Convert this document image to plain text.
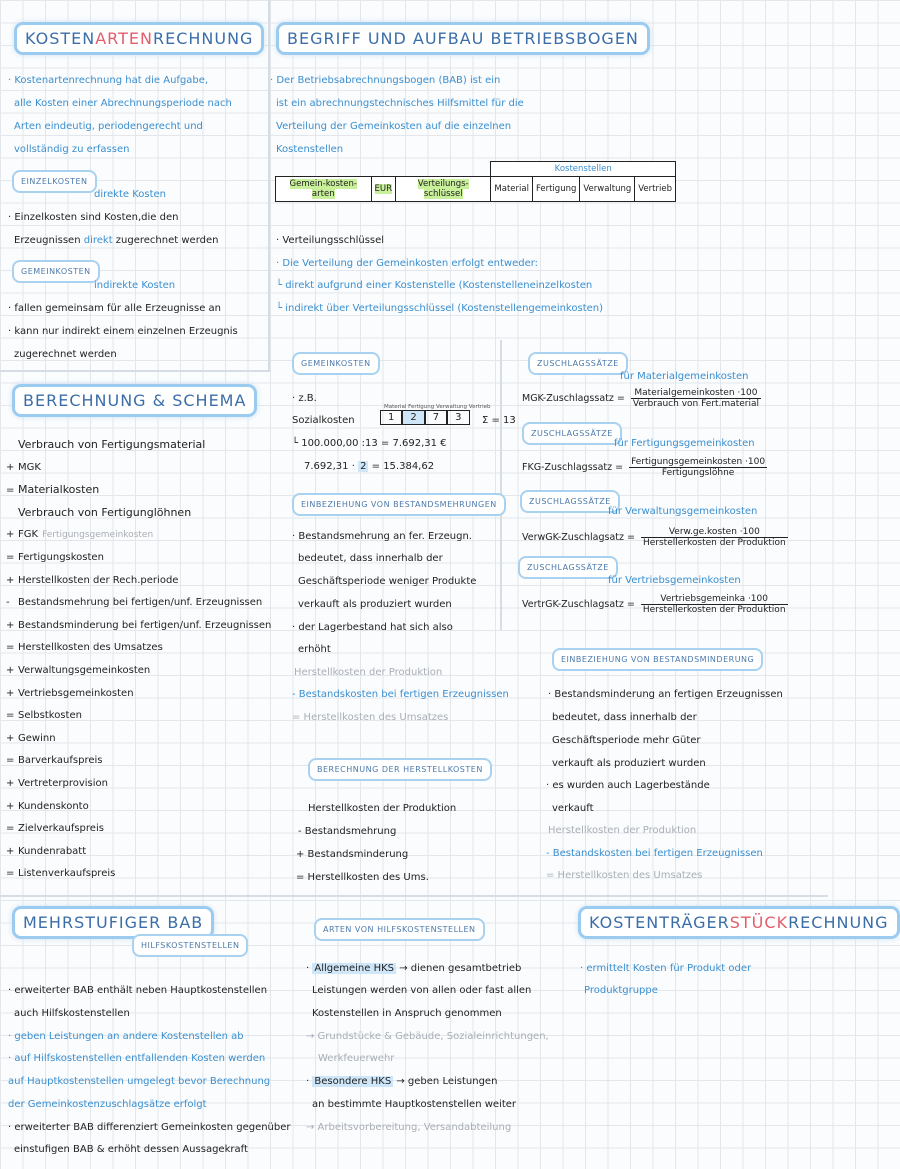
KOSTENARTENRECHNUNG
· Kostenartenrechnung hat die Aufgabe,
alle Kosten einer Abrechnungsperiode nach
Arten eindeutig, periodengerecht und
vollständig zu erfassen
EINZELKOSTEN
direkte Kosten
· Einzelkosten sind Kosten,die den
Erzeugnissen direkt zugerechnet werden
GEMEINKOSTEN
indirekte Kosten
· fallen gemeinsam für alle Erzeugnisse an
· kann nur indirekt einem einzelnen Erzeugnis
zugerechnet werden
BEGRIFF UND AUFBAU BETRIEBSBOGEN
· Der Betriebsabrechnungsbogen (BAB) ist ein
ist ein abrechnungstechnisches Hilfsmittel für die
Verteilung der Gemeinkosten auf die einzelnen
Kostenstellen
			Kostenstellen			
Gemein-kosten-arten	EUR	Verteilungs-schlüssel	Material	Fertigung	Verwaltung	Vertrieb
· Verteilungsschlüssel
· Die Verteilung der Gemeinkosten erfolgt entweder:
└ direkt aufgrund einer Kostenstelle (Kostenstelleneinzelkosten
└ indirekt über Verteilungsschlüssel (Kostenstellengemeinkosten)
BERECHNUNG & SCHEMA
Verbrauch von Fertigungsmaterial
+ MGK
= Materialkosten
Verbrauch von Fertigunglöhnen
+ FGK Fertigungsgemeinkosten
= Fertigungskosten
+ Herstellkosten der Rech.periode
- Bestandsmehrung bei fertigen/unf. Erzeugnissen
+ Bestandsminderung bei fertigen/unf. Erzeugnissen
= Herstellkosten des Umsatzes
+ Verwaltungsgemeinkosten
+ Vertriebsgemeinkosten
= Selbstkosten
+ Gewinn
= Barverkaufspreis
+ Vertreterprovision
+ Kundenskonto
= Zielverkaufspreis
+ Kundenrabatt
= Listenverkaufspreis
GEMEINKOSTEN
· z.B.
Material Fertigung Verwaltung Vertrieb
Sozialkosten	1 2 7 3	Σ = 13
└ 100.000,00 :13 = 7.692,31 €
7.692,31 · 2 = 15.384,62
EINBEZIEHUNG VON BESTANDSMEHRUNGEN
· Bestandsmehrung an fer. Erzeugn.
bedeutet, dass innerhalb der
Geschäftsperiode weniger Produkte
verkauft als produziert wurden
· der Lagerbestand hat sich also
erhöht
Herstellkosten der Produktion
- Bestandskosten bei fertigen Erzeugnissen
= Herstellkosten des Umsatzes
BERECHNUNG DER HERSTELLKOSTEN
Herstellkosten der Produktion
- Bestandsmehrung
+ Bestandsminderung
= Herstellkosten des Ums.
ZUSCHLAGSSÄTZE
für Materialgemeinkosten
MGK-Zuschlagssatz = $\frac{\text{Materialgemeinkosten ·100}}{\text{Verbrauch von Fert.material}}$
ZUSCHLAGSSÄTZE
für Fertigungsgemeinkosten
FKG-Zuschlagssatz = $\frac{\text{Fertigungsgemeinkosten ·100}}{\text{Fertigungslöhne}}$
ZUSCHLAGSSÄTZE
für Verwaltungsgemeinkosten
VerwGK-Zuschlagsatz = $\frac{\text{Verw.ge.kosten ·100}}{\text{Herstellerkosten der Produktion}}$
ZUSCHLAGSSÄTZE
für Vertriebsgemeinkosten
VertrGK-Zuschlagsatz = $\frac{\text{Vertriebsgemeinka ·100}}{\text{Herstellerkosten der Produktion}}$
EINBEZIEHUNG VON BESTANDSMINDERUNG
· Bestandsminderung an fertigen Erzeugnissen
bedeutet, dass innerhalb der
Geschäftsperiode mehr Güter
verkauft als produziert wurden
· es wurden auch Lagerbestände
verkauft
Herstellkosten der Produktion
- Bestandskosten bei fertigen Erzeugnissen
= Herstellkosten des Umsatzes
MEHRSTUFIGER BAB
HILFSKOSTENSTELLEN
· erweiterter BAB enthält neben Hauptkostenstellen
auch Hilfskostenstellen
· geben Leistungen an andere Kostenstellen ab
· auf Hilfskostenstellen entfallenden Kosten werden
auf Hauptkostenstellen umgelegt bevor Berechnung
der Gemeinkostenzuschlagsätze erfolgt
· erweiterter BAB differenziert Gemeinkosten gegenüber
einstufigen BAB & erhöht dessen Aussagekraft
ARTEN VON HILFSKOSTENSTELLEN
· Allgemeine HKS → dienen gesamtbetrieb
Leistungen werden von allen oder fast allen
Kostenstellen in Anspruch genommen
→ Grundstücke & Gebäude, Sozialeinrichtungen,
Werkfeuerwehr
· Besondere HKS → geben Leistungen
an bestimmte Hauptkostenstellen weiter
→ Arbeitsvorbereitung, Versandabteilung
KOSTENTRÄGERSTÜCKRECHNUNG
· ermittelt Kosten für Produkt oder
Produktgruppe
